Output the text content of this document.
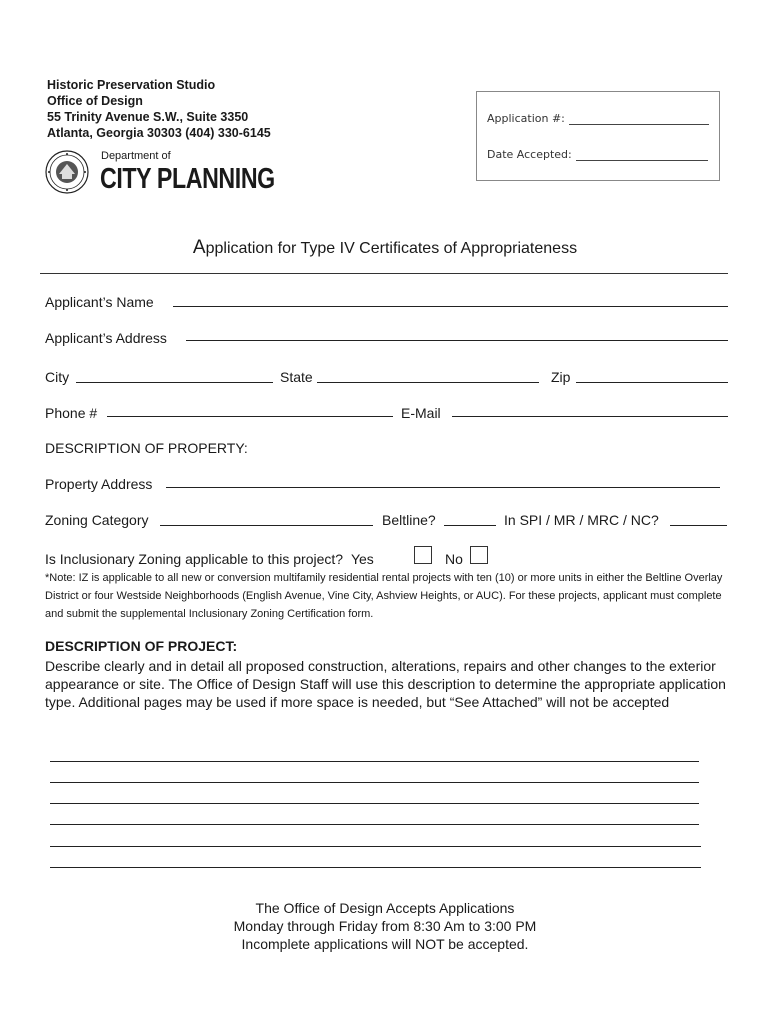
Historic Preservation Studio
Office of Design
55 Trinity Avenue S.W., Suite 3350
Atlanta, Georgia 30303 (404) 330-6145
Department of
CITY PLANNING
Application #:
Date Accepted:
Application for Type IV Certificates of Appropriateness
Applicant’s Name
Applicant’s Address
City	State	Zip
Phone #	E-Mail
DESCRIPTION OF PROPERTY:
Property Address
Zoning Category	Beltline?	In SPI / MR / MRC / NC?
Is Inclusionary Zoning applicable to this project? Yes	No
*Note: IZ is applicable to all new or conversion multifamily residential rental projects with ten (10) or more units in either the Beltline Overlay District or four Westside Neighborhoods (English Avenue, Vine City, Ashview Heights, or AUC). For these projects, applicant must complete and submit the supplemental Inclusionary Zoning Certification form.
DESCRIPTION OF PROJECT:
Describe clearly and in detail all proposed construction, alterations, repairs and other changes to the exterior appearance or site. The Office of Design Staff will use this description to determine the appropriate application type. Additional pages may be used if more space is needed, but “See Attached” will not be accepted
The Office of Design Accepts Applications
Monday through Friday from 8:30 Am to 3:00 PM
Incomplete applications will NOT be accepted.
